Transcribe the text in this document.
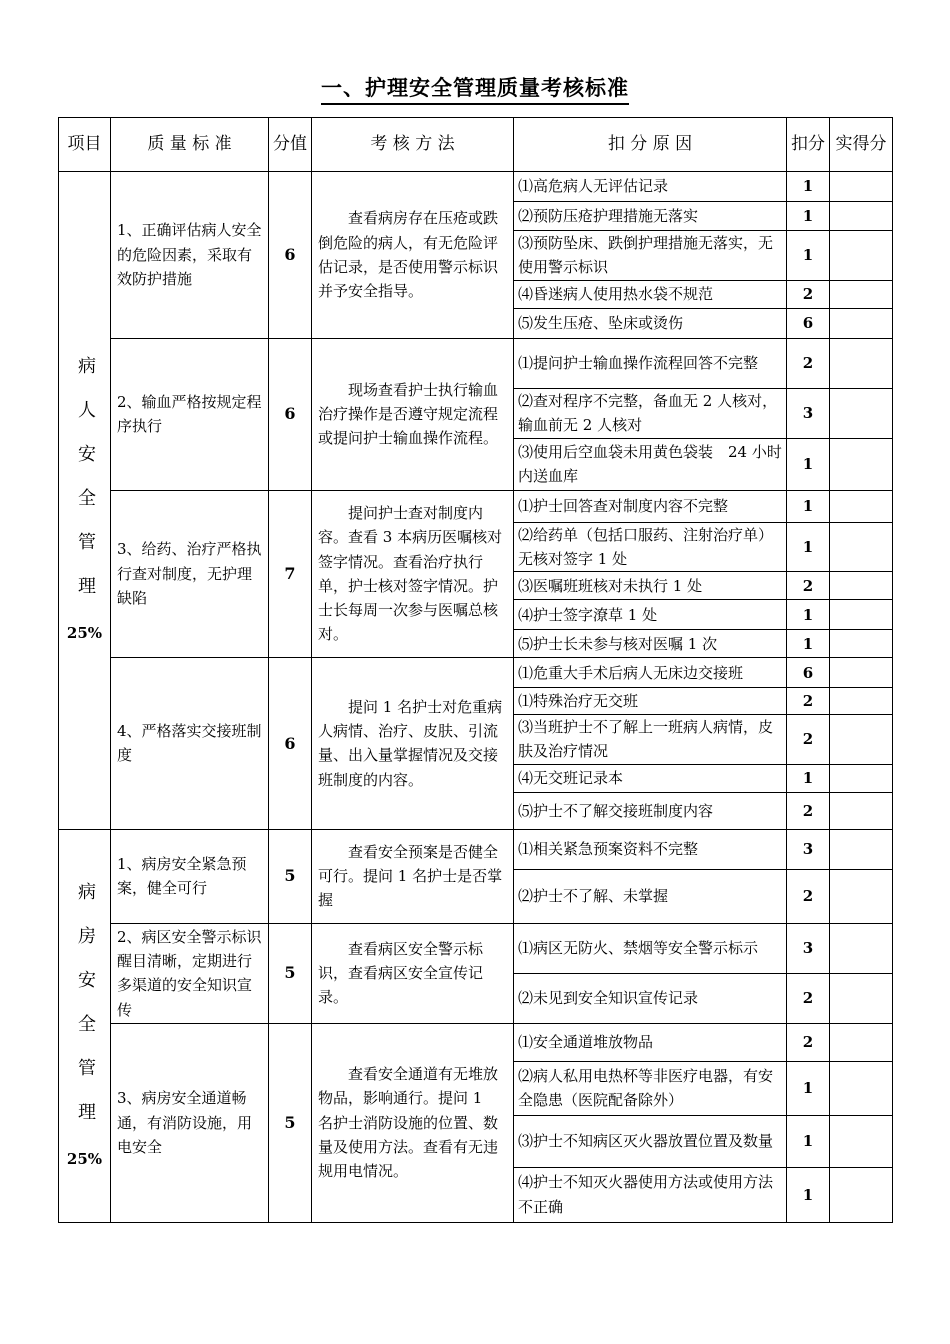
一、护理安全管理质量考核标准
项目	质 量 标 准	分值	考 核 方 法	扣 分 原 因	扣分	实得分

病人安全管理
25%	1、正确评估病人安全的危险因素，采取有效防护措施	6	查看病房存在压疮或跌倒危险的病人，有无危险评估记录，是否使用警示标识并予安全指导。	⑴高危病人无评估记录	1	
				⑵预防压疮护理措施无落实	1	
				⑶预防坠床、跌倒护理措施无落实，无使用警示标识	1	
				⑷昏迷病人使用热水袋不规范	2	
				⑸发生压疮、坠床或烫伤	6	
	2、输血严格按规定程序执行	6	现场查看护士执行输血治疗操作是否遵守规定流程或提问护士输血操作流程。	⑴提问护士输血操作流程回答不完整	2	
				⑵查对程序不完整，备血无 2 人核对，输血前无 2 人核对	3	
				⑶使用后空血袋未用黄色袋装　24 小时内送血库	1	
	3、给药、治疗严格执行查对制度，无护理缺陷	7	提问护士查对制度内容。查看 3 本病历医嘱核对签字情况。查看治疗执行单，护士核对签字情况。护士长每周一次参与医嘱总核对。	⑴护士回答查对制度内容不完整	1	
				⑵给药单（包括口服药、注射治疗单）无核对签字 1 处	1	
				⑶医嘱班班核对未执行 1 处	2	
				⑷护士签字潦草 1 处	1	
				⑸护士长未参与核对医嘱 1 次	1	
	4、严格落实交接班制度	6	提问 1 名护士对危重病人病情、治疗、皮肤、引流量、出入量掌握情况及交接班制度的内容。	⑴危重大手术后病人无床边交接班	6	
				⑴特殊治疗无交班	2	
				⑶当班护士不了解上一班病人病情，皮肤及治疗情况	2	
				⑷无交班记录本	1	
				⑸护士不了解交接班制度内容	2	

病房安全管理
25%	1、病房安全紧急预案，健全可行	5	查看安全预案是否健全可行。提问 1 名护士是否掌握	⑴相关紧急预案资料不完整	3	
				⑵护士不了解、未掌握	2	
	2、病区安全警示标识醒目清晰，定期进行多渠道的安全知识宣传	5	查看病区安全警示标识，查看病区安全宣传记录。	⑴病区无防火、禁烟等安全警示标示	3	
				⑵未见到安全知识宣传记录	2	
	3、病房安全通道畅通，有消防设施，用电安全	5	查看安全通道有无堆放物品，影响通行。提问 1　名护士消防设施的位置、数量及使用方法。查看有无违规用电情况。	⑴安全通道堆放物品	2	
				⑵病人私用电热杯等非医疗电器，有安全隐患（医院配备除外）	1	
				⑶护士不知病区灭火器放置位置及数量	1	
				⑷护士不知灭火器使用方法或使用方法不正确	1	
